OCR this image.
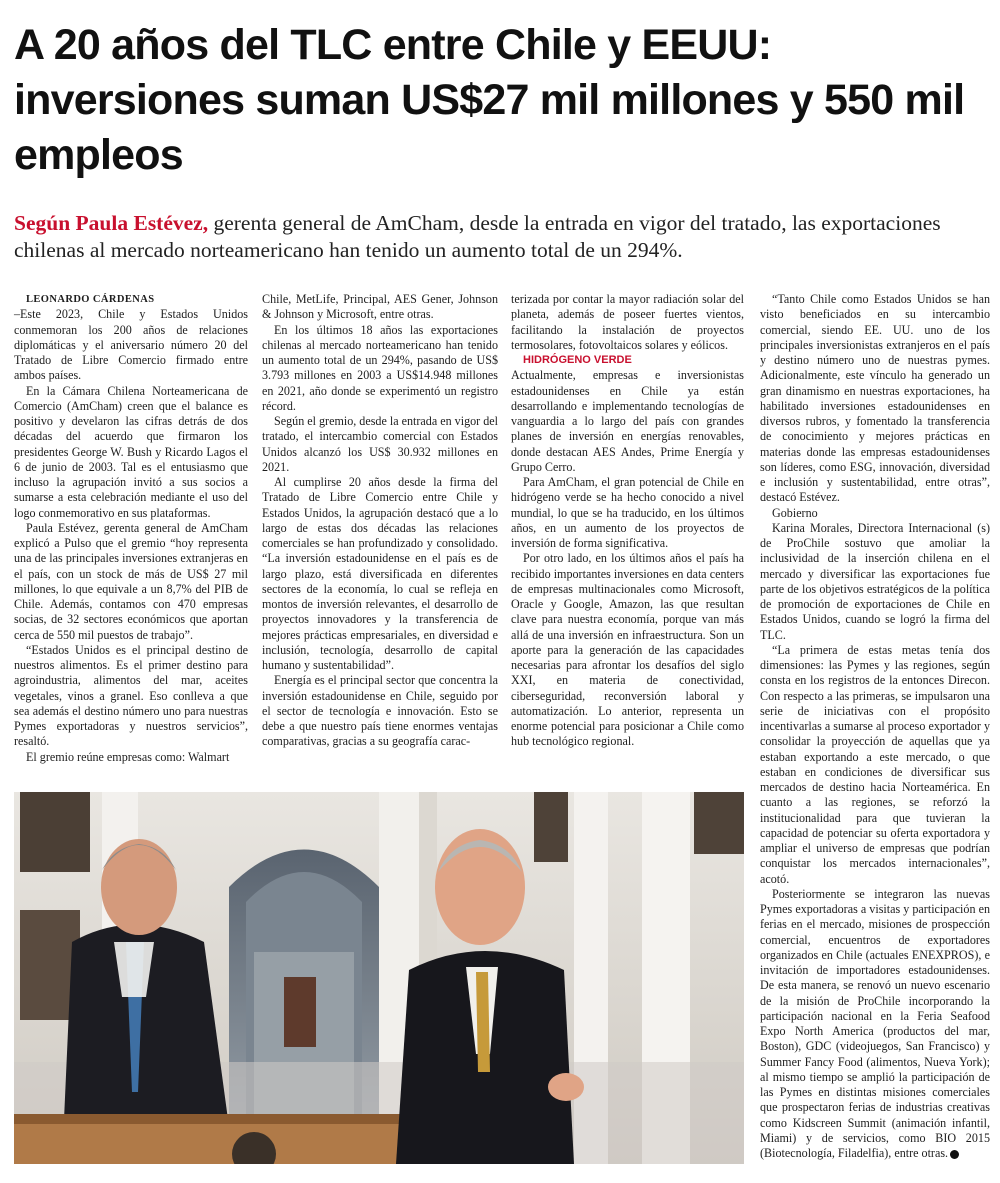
A 20 años del TLC entre Chile y EEUU: inversiones suman US$27 mil millones y 550 mil empleos

Según Paula Estévez, gerenta general de AmCham, desde la entrada en vigor del tratado, las exportaciones chilenas al mercado norteamericano han tenido un aumento total de un 294%.

LEONARDO CÁRDENAS

–Este 2023, Chile y Estados Unidos conmemoran los 200 años de relaciones diplomáticas y el aniversario número 20 del Tratado de Libre Comercio firmado entre ambos países.

En la Cámara Chilena Norteamericana de Comercio (AmCham) creen que el balance es positivo y develaron las cifras detrás de dos décadas del acuerdo que firmaron los presidentes George W. Bush y Ricardo Lagos el 6 de junio de 2003. Tal es el entusiasmo que incluso la agrupación invitó a sus socios a sumarse a esta celebración mediante el uso del logo conmemorativo en sus plataformas.

Paula Estévez, gerenta general de AmCham explicó a Pulso que el gremio “hoy representa una de las principales inversiones extranjeras en el país, con un stock de más de US$ 27 mil millones, lo que equivale a un 8,7% del PIB de Chile. Además, contamos con 470 empresas socias, de 32 sectores económicos que aportan cerca de 550 mil puestos de trabajo”.

“Estados Unidos es el principal destino de nuestros alimentos. Es el primer destino para agroindustria, alimentos del mar, aceites vegetales, vinos a granel. Eso conlleva a que sea además el destino número uno para nuestras Pymes exportadoras y nuestros servicios”, resaltó.

El gremio reúne empresas como: Walmart

Chile, MetLife, Principal, AES Gener, Johnson & Johnson y Microsoft, entre otras.

En los últimos 18 años las exportaciones chilenas al mercado norteamericano han tenido un aumento total de un 294%, pasando de US$ 3.793 millones en 2003 a US$14.948 millones en 2021, año donde se experimentó un registro récord.

Según el gremio, desde la entrada en vigor del tratado, el intercambio comercial con Estados Unidos alcanzó los US$ 30.932 millones en 2021.

Al cumplirse 20 años desde la firma del Tratado de Libre Comercio entre Chile y Estados Unidos, la agrupación destacó que a lo largo de estas dos décadas las relaciones comerciales se han profundizado y consolidado. “La inversión estadounidense en el país es de largo plazo, está diversificada en diferentes sectores de la economía, lo cual se refleja en montos de inversión relevantes, el desarrollo de proyectos innovadores y la transferencia de mejores prácticas empresariales, en diversidad e inclusión, tecnología, desarrollo de capital humano y sustentabilidad”.

Energía es el principal sector que concentra la inversión estadounidense en Chile, seguido por el sector de tecnología e innovación. Esto se debe a que nuestro país tiene enormes ventajas comparativas, gracias a su geografía carac-

terizada por contar la mayor radiación solar del planeta, además de poseer fuertes vientos, facilitando la instalación de proyectos termosolares, fotovoltaicos solares y eólicos.

HIDRÓGENO VERDE

Actualmente, empresas e inversionistas estadounidenses en Chile ya están desarrollando e implementando tecnologías de vanguardia a lo largo del país con grandes planes de inversión en energías renovables, donde destacan AES Andes, Prime Energía y Grupo Cerro.

Para AmCham, el gran potencial de Chile en hidrógeno verde se ha hecho conocido a nivel mundial, lo que se ha traducido, en los últimos años, en un aumento de los proyectos de inversión de forma significativa.

Por otro lado, en los últimos años el país ha recibido importantes inversiones en data centers de empresas multinacionales como Microsoft, Oracle y Google, Amazon, las que resultan clave para nuestra economía, porque van más allá de una inversión en infraestructura. Son un aporte para la generación de las capacidades necesarias para afrontar los desafíos del siglo XXI, en materia de conectividad, ciberseguridad, reconversión laboral y automatización. Lo anterior, representa un enorme potencial para posicionar a Chile como hub tecnológico regional.

“Tanto Chile como Estados Unidos se han visto beneficiados en su intercambio comercial, siendo EE. UU. uno de los principales inversionistas extranjeros en el país y destino número uno de nuestras pymes. Adicionalmente, este vínculo ha generado un gran dinamismo en nuestras exportaciones, ha habilitado inversiones estadounidenses en diversos rubros, y fomentado la transferencia de conocimiento y mejores prácticas en materias donde las empresas estadounidenses son líderes, como ESG, innovación, diversidad e inclusión y sustentabilidad, entre otras”, destacó Estévez.

Gobierno

Karina Morales, Directora Internacional (s) de ProChile sostuvo que amoliar la inclusividad de la inserción chilena en el mercado y diversificar las exportaciones fue parte de los objetivos estratégicos de la política de promoción de exportaciones de Chile en Estados Unidos, cuando se logró la firma del TLC.

“La primera de estas metas tenía dos dimensiones: las Pymes y las regiones, según consta en los registros de la entonces Direcon. Con respecto a las primeras, se impulsaron una serie de iniciativas con el propósito incentivarlas a sumarse al proceso exportador y consolidar la proyección de aquellas que ya estaban exportando a este mercado, o que estaban en condiciones de diversificar sus mercados de destino hacia Norteamérica. En cuanto a las regiones, se reforzó la institucionalidad para que tuvieran la capacidad de potenciar su oferta exportadora y ampliar el universo de empresas que podrían conquistar los mercados internacionales”, acotó.

Posteriormente se integraron las nuevas Pymes exportadoras a visitas y participación en ferias en el mercado, misiones de prospección comercial, encuentros de exportadores organizados en Chile (actuales ENEXPROS), e invitación de importadores estadounidenses. De esta manera, se renovó un nuevo escenario de la misión de ProChile incorporando la participación nacional en la Feria Seafood Expo North America (productos del mar, Boston), GDC (videojuegos, San Francisco) y Summer Fancy Food (alimentos, Nueva York); al mismo tiempo se amplió la participación de las Pymes en distintas misiones comerciales que prospectaron ferias de industrias creativas como Kidscreen Summit (animación infantil, Miami) y de servicios, como BIO 2015 (Biotecnología, Filadelfia), entre otras. P
